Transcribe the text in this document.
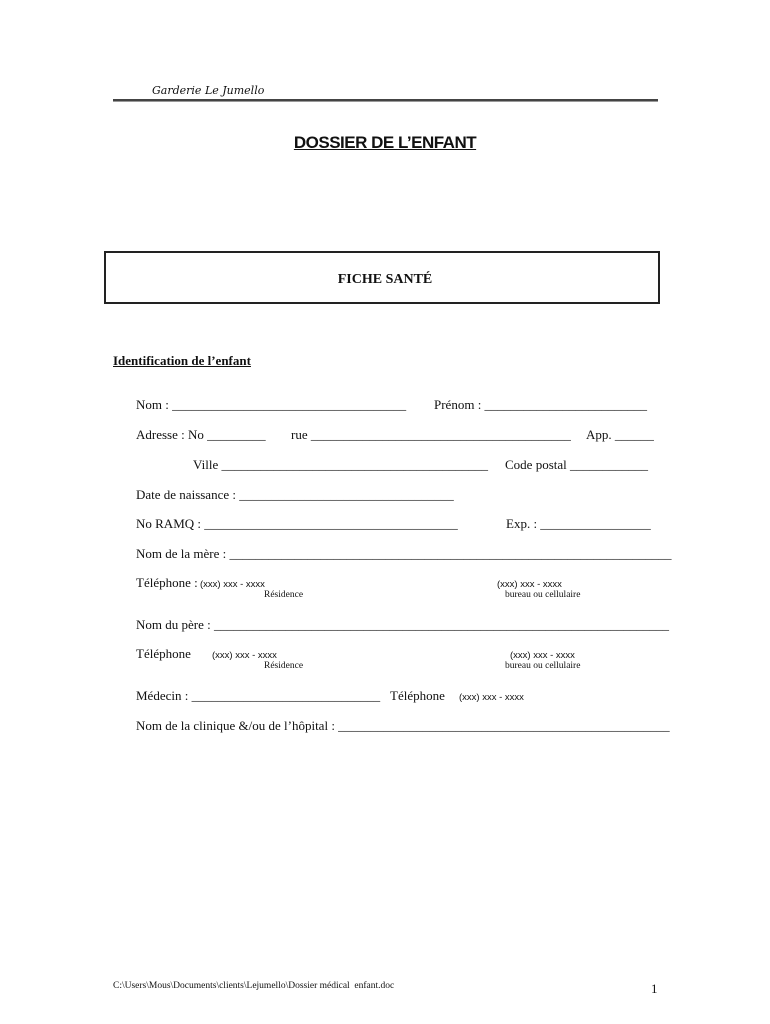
Garderie Le Jumello
DOSSIER DE L’ENFANT
FICHE SANTÉ
Identification de l’enfant
Nom : ____________________________________ Prénom : _________________________
Adresse : No _________ rue ________________________________________ App. ______
Ville _________________________________________ Code postal ____________
Date de naissance : _________________________________
No RAMQ : _______________________________________	Exp. : _________________
Nom de la mère : ____________________________________________________________________
Téléphone : (xxx) xxx - xxxx
Résidence
(xxx) xxx - xxxx
bureau ou cellulaire
Nom du père : ______________________________________________________________________
Téléphone (xxx) xxx - xxxx
Résidence
(xxx) xxx - xxxx
bureau ou cellulaire
Médecin : _____________________________ Téléphone (xxx) xxx - xxxx
Nom de la clinique &/ou de l’hôpital : ___________________________________________________
C:\Users\Mous\Documents\clients\Lejumello\Dossier médical  enfant.doc	1
